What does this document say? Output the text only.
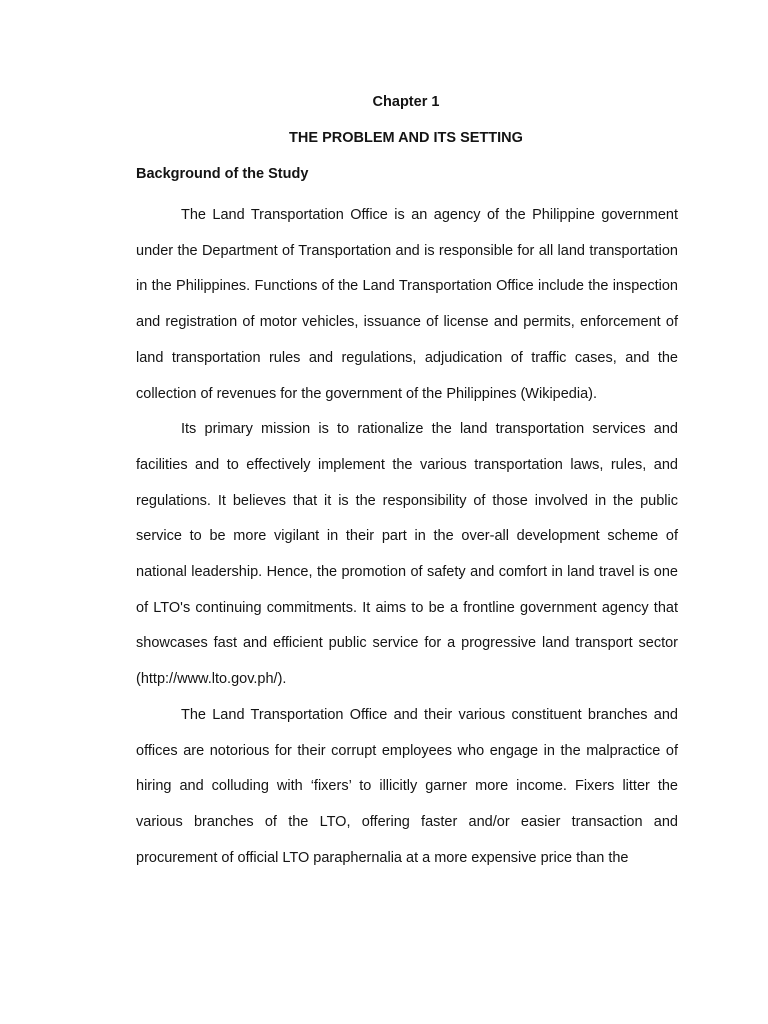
Chapter 1
THE PROBLEM AND ITS SETTING
Background of the Study

The Land Transportation Office is an agency of the Philippine government under the Department of Transportation and is responsible for all land transportation in the Philippines. Functions of the Land Transportation Office include the inspection and registration of motor vehicles, issuance of license and permits, enforcement of land transportation rules and regulations, adjudication of traffic cases, and the collection of revenues for the government of the Philippines (Wikipedia).

Its primary mission is to rationalize the land transportation services and facilities and to effectively implement the various transportation laws, rules, and regulations. It believes that it is the responsibility of those involved in the public service to be more vigilant in their part in the over-all development scheme of national leadership. Hence, the promotion of safety and comfort in land travel is one of LTO's continuing commitments. It aims to be a frontline government agency that showcases fast and efficient public service for a progressive land transport sector (http://www.lto.gov.ph/).

The Land Transportation Office and their various constituent branches and offices are notorious for their corrupt employees who engage in the malpractice of hiring and colluding with ‘fixers’ to illicitly garner more income. Fixers litter the various branches of the LTO, offering faster and/or easier transaction and procurement of official LTO paraphernalia at a more expensive price than the
